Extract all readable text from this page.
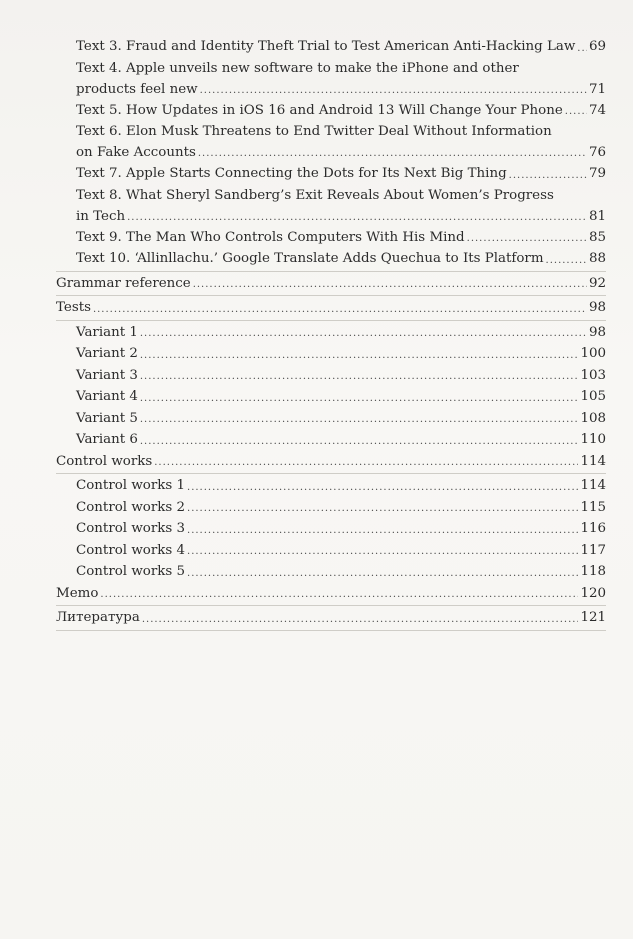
Text 3. Fraud and Identity Theft Trial to Test American Anti-Hacking Law ..... 69
Text 4. Apple unveils new software to make the iPhone and other
products feel new .....	71
Text 5. How Updates in iOS 16 and Android 13 Will Change Your Phone ..... 74
Text 6. Elon Musk Threatens to End Twitter Deal Without Information
on Fake Accounts .....	76
Text 7. Apple Starts Connecting the Dots for Its Next Big Thing .....	79
Text 8. What Sheryl Sandberg’s Exit Reveals About Women’s Progress
in Tech .....	81
Text 9. The Man Who Controls Computers With His Mind .....	85
Text 10. ‘Allinllachu.’ Google Translate Adds Quechua to Its Platform .....	88
Grammar reference .....	92
Tests .....	98
Variant 1 .....	98
Variant 2 .....	100
Variant 3 .....	103
Variant 4 .....	105
Variant 5 .....	108
Variant 6 .....	110
Control works .....	114
Control works 1 .....	114
Control works 2 .....	115
Control works 3 .....	116
Control works 4 .....	117
Control works 5 .....	118
Memo .....	120
Литература .....	121
